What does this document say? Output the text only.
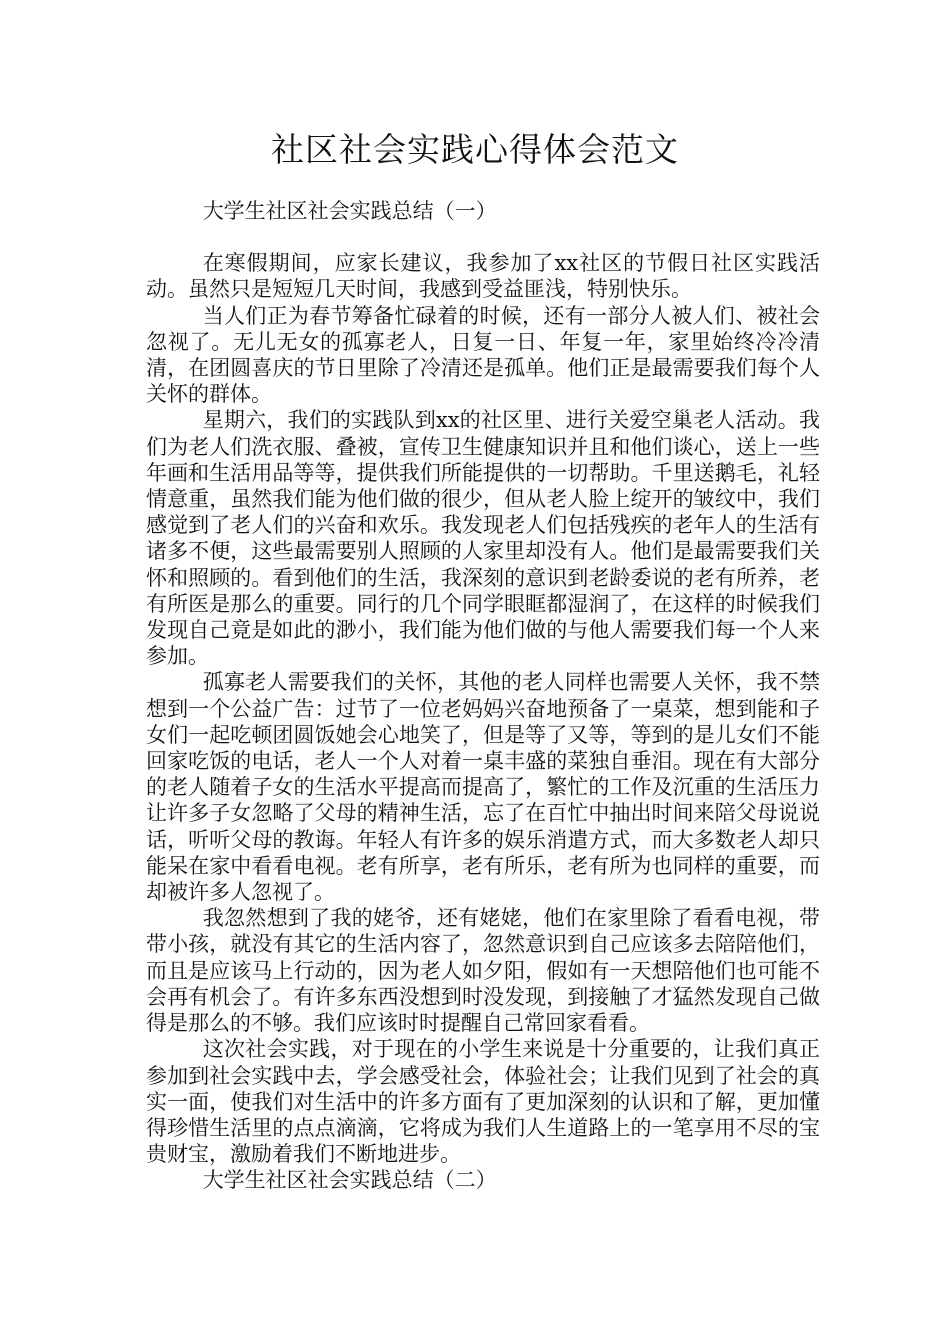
社区社会实践心得体会范文

大学生社区社会实践总结（一）

在寒假期间，应家长建议，我参加了xx社区的节假日社区实践活动。虽然只是短短几天时间，我感到受益匪浅，特别快乐。

当人们正为春节筹备忙碌着的时候，还有一部分人被人们、被社会忽视了。无儿无女的孤寡老人，日复一日、年复一年，家里始终冷冷清清，在团圆喜庆的节日里除了冷清还是孤单。他们正是最需要我们每个人关怀的群体。

星期六，我们的实践队到xx的社区里、进行关爱空巢老人活动。我们为老人们洗衣服、叠被，宣传卫生健康知识并且和他们谈心，送上一些年画和生活用品等等，提供我们所能提供的一切帮助。千里送鹅毛，礼轻情意重，虽然我们能为他们做的很少，但从老人脸上绽开的皱纹中，我们感觉到了老人们的兴奋和欢乐。我发现老人们包括残疾的老年人的生活有诸多不便，这些最需要别人照顾的人家里却没有人。他们是最需要我们关怀和照顾的。看到他们的生活，我深刻的意识到老龄委说的老有所养，老有所医是那么的重要。同行的几个同学眼眶都湿润了，在这样的时候我们发现自己竟是如此的渺小，我们能为他们做的与他人需要我们每一个人来参加。

孤寡老人需要我们的关怀，其他的老人同样也需要人关怀，我不禁想到一个公益广告：过节了一位老妈妈兴奋地预备了一桌菜，想到能和子女们一起吃顿团圆饭她会心地笑了，但是等了又等，等到的是儿女们不能回家吃饭的电话，老人一个人对着一桌丰盛的菜独自垂泪。现在有大部分的老人随着子女的生活水平提高而提高了，繁忙的工作及沉重的生活压力让许多子女忽略了父母的精神生活，忘了在百忙中抽出时间来陪父母说说话，听听父母的教诲。年轻人有许多的娱乐消遣方式，而大多数老人却只能呆在家中看看电视。老有所享，老有所乐，老有所为也同样的重要，而却被许多人忽视了。

我忽然想到了我的姥爷，还有姥姥，他们在家里除了看看电视，带带小孩，就没有其它的生活内容了，忽然意识到自己应该多去陪陪他们，而且是应该马上行动的，因为老人如夕阳，假如有一天想陪他们也可能不会再有机会了。有许多东西没想到时没发现，到接触了才猛然发现自己做得是那么的不够。我们应该时时提醒自己常回家看看。

这次社会实践，对于现在的小学生来说是十分重要的，让我们真正参加到社会实践中去，学会感受社会，体验社会；让我们见到了社会的真实一面，使我们对生活中的许多方面有了更加深刻的认识和了解，更加懂得珍惜生活里的点点滴滴，它将成为我们人生道路上的一笔享用不尽的宝贵财宝，激励着我们不断地进步。

大学生社区社会实践总结（二）
